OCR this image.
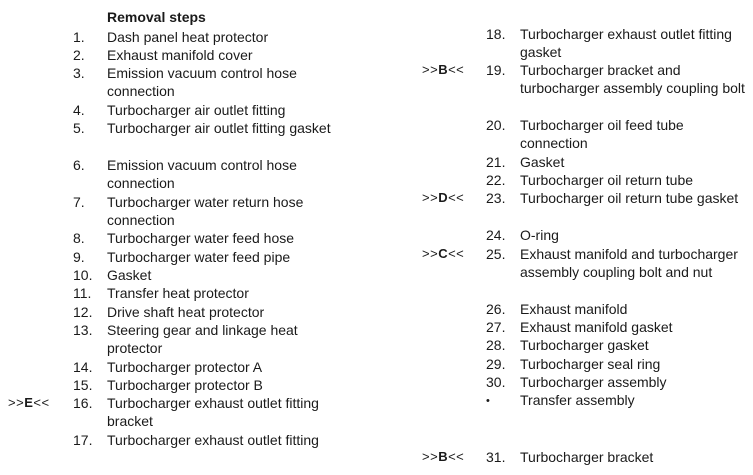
Removal steps
1. Dash panel heat protector
2. Exhaust manifold cover
3. Emission vacuum control hose connection
4. Turbocharger air outlet fitting
5. Turbocharger air outlet fitting gasket
6. Emission vacuum control hose connection
7. Turbocharger water return hose connection
8. Turbocharger water feed hose
9. Turbocharger water feed pipe
10. Gasket
11. Transfer heat protector
12. Drive shaft heat protector
13. Steering gear and linkage heat protector
14. Turbocharger protector A
15. Turbocharger protector B
>>E<<	16. Turbocharger exhaust outlet fitting bracket
17. Turbocharger exhaust outlet fitting
18. Turbocharger exhaust outlet fitting gasket
>>B<<	19. Turbocharger bracket and turbocharger assembly coupling bolt
20. Turbocharger oil feed tube connection
21. Gasket
22. Turbocharger oil return tube
>>D<<	23. Turbocharger oil return tube gasket
24. O-ring
>>C<<	25. Exhaust manifold and turbocharger assembly coupling bolt and nut
26. Exhaust manifold
27. Exhaust manifold gasket
28. Turbocharger gasket
29. Turbocharger seal ring
30. Turbocharger assembly
• Transfer assembly
>>B<<	31. Turbocharger bracket
